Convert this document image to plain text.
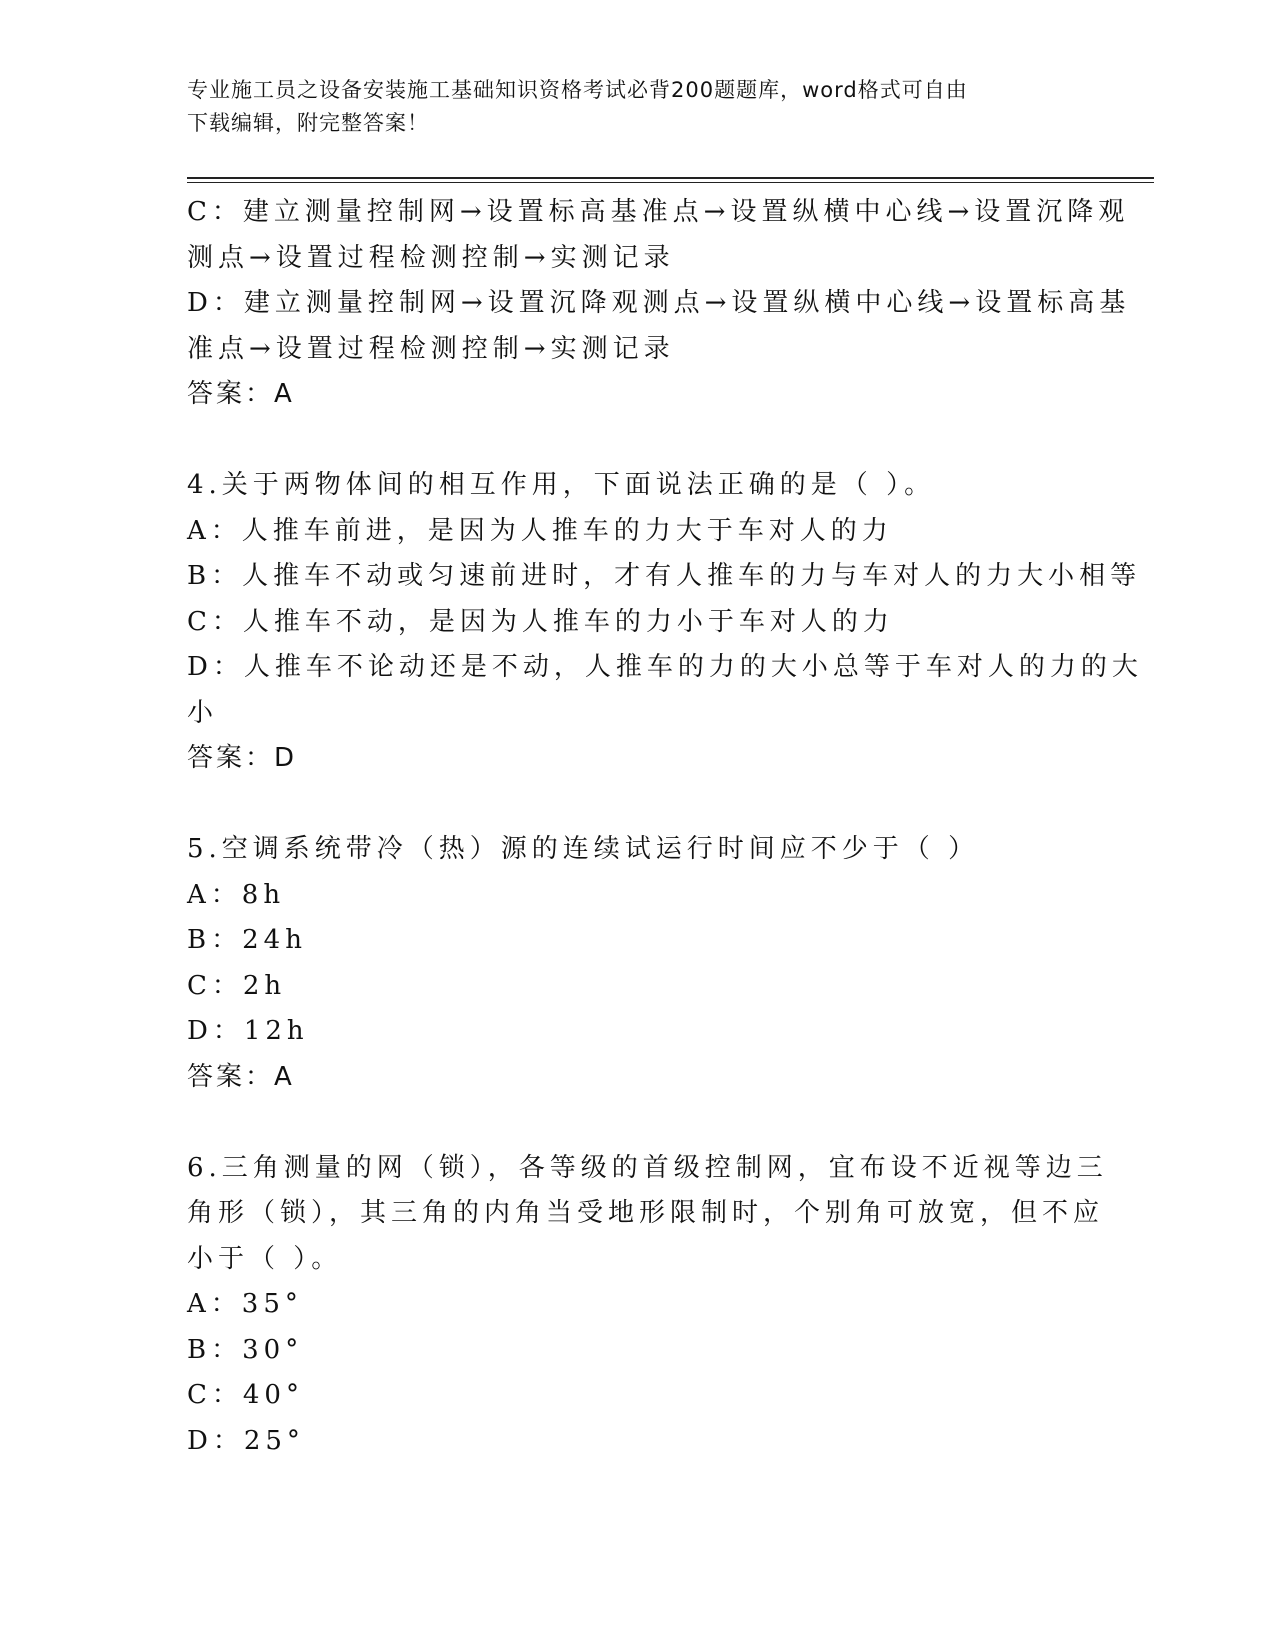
专业施工员之设备安装施工基础知识资格考试必背200题题库，word格式可自由
下载编辑，附完整答案！
C：建立测量控制网→设置标高基准点→设置纵横中心线→设置沉降观
测点→设置过程检测控制→实测记录
D：建立测量控制网→设置沉降观测点→设置纵横中心线→设置标高基
准点→设置过程检测控制→实测记录
答案：A
4.关于两物体间的相互作用，下面说法正确的是（ ）。
A：人推车前进，是因为人推车的力大于车对人的力
B：人推车不动或匀速前进时，才有人推车的力与车对人的力大小相等
C：人推车不动，是因为人推车的力小于车对人的力
D：人推车不论动还是不动，人推车的力的大小总等于车对人的力的大
小
答案：D
5.空调系统带冷（热）源的连续试运行时间应不少于（ ）
A：8h
B：24h
C：2h
D：12h
答案：A
6.三角测量的网（锁），各等级的首级控制网，宜布设不近视等边三
角形（锁），其三角的内角当受地形限制时，个别角可放宽，但不应
小于（ ）。
A：35°
B：30°
C：40°
D：25°
